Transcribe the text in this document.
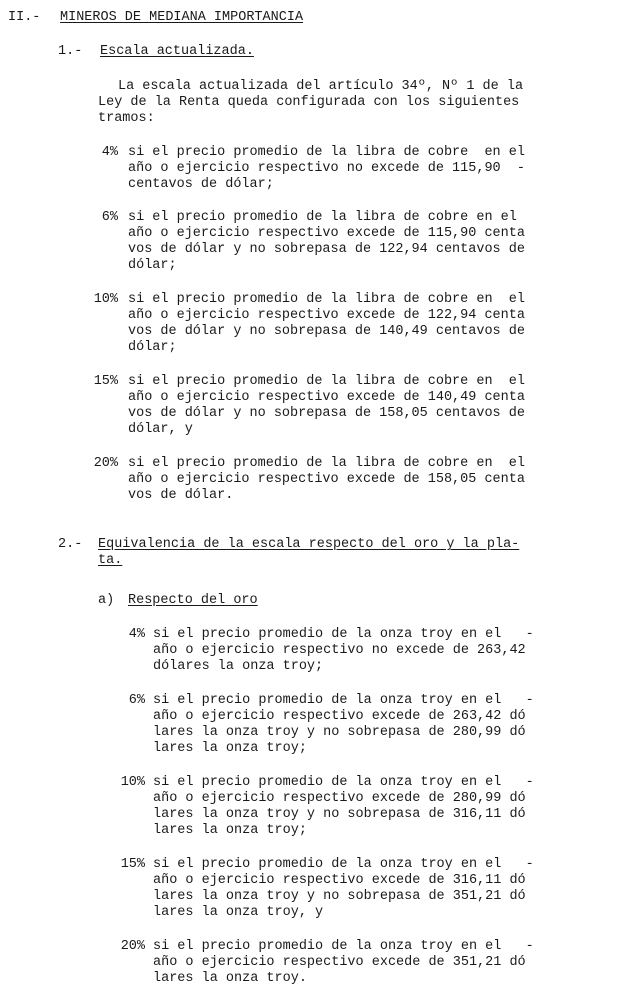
II.- MINEROS DE MEDIANA IMPORTANCIA
1.- Escala actualizada.
La escala actualizada del artículo 34º, Nº 1 de la
Ley de la Renta queda configurada con los siguientes
tramos:
4% si el precio promedio de la libra de cobre  en el
año o ejercicio respectivo no excede de 115,90  -
centavos de dólar;
6% si el precio promedio de la libra de cobre en el
año o ejercicio respectivo excede de 115,90 centa
vos de dólar y no sobrepasa de 122,94 centavos de
dólar;
10% si el precio promedio de la libra de cobre en  el
año o ejercicio respectivo excede de 122,94 centa
vos de dólar y no sobrepasa de 140,49 centavos de
dólar;
15% si el precio promedio de la libra de cobre en  el
año o ejercicio respectivo excede de 140,49 centa
vos de dólar y no sobrepasa de 158,05 centavos de
dólar, y
20% si el precio promedio de la libra de cobre en  el
año o ejercicio respectivo excede de 158,05 centa
vos de dólar.
2.- Equivalencia de la escala respecto del oro y la pla-
ta.
a) Respecto del oro
4% si el precio promedio de la onza troy en el   -
año o ejercicio respectivo no excede de 263,42
dólares la onza troy;
6% si el precio promedio de la onza troy en el   -
año o ejercicio respectivo excede de 263,42 dó
lares la onza troy y no sobrepasa de 280,99 dó
lares la onza troy;
10% si el precio promedio de la onza troy en el   -
año o ejercicio respectivo excede de 280,99 dó
lares la onza troy y no sobrepasa de 316,11 dó
lares la onza troy;
15% si el precio promedio de la onza troy en el   -
año o ejercicio respectivo excede de 316,11 dó
lares la onza troy y no sobrepasa de 351,21 dó
lares la onza troy, y
20% si el precio promedio de la onza troy en el   -
año o ejercicio respectivo excede de 351,21 dó
lares la onza troy.
